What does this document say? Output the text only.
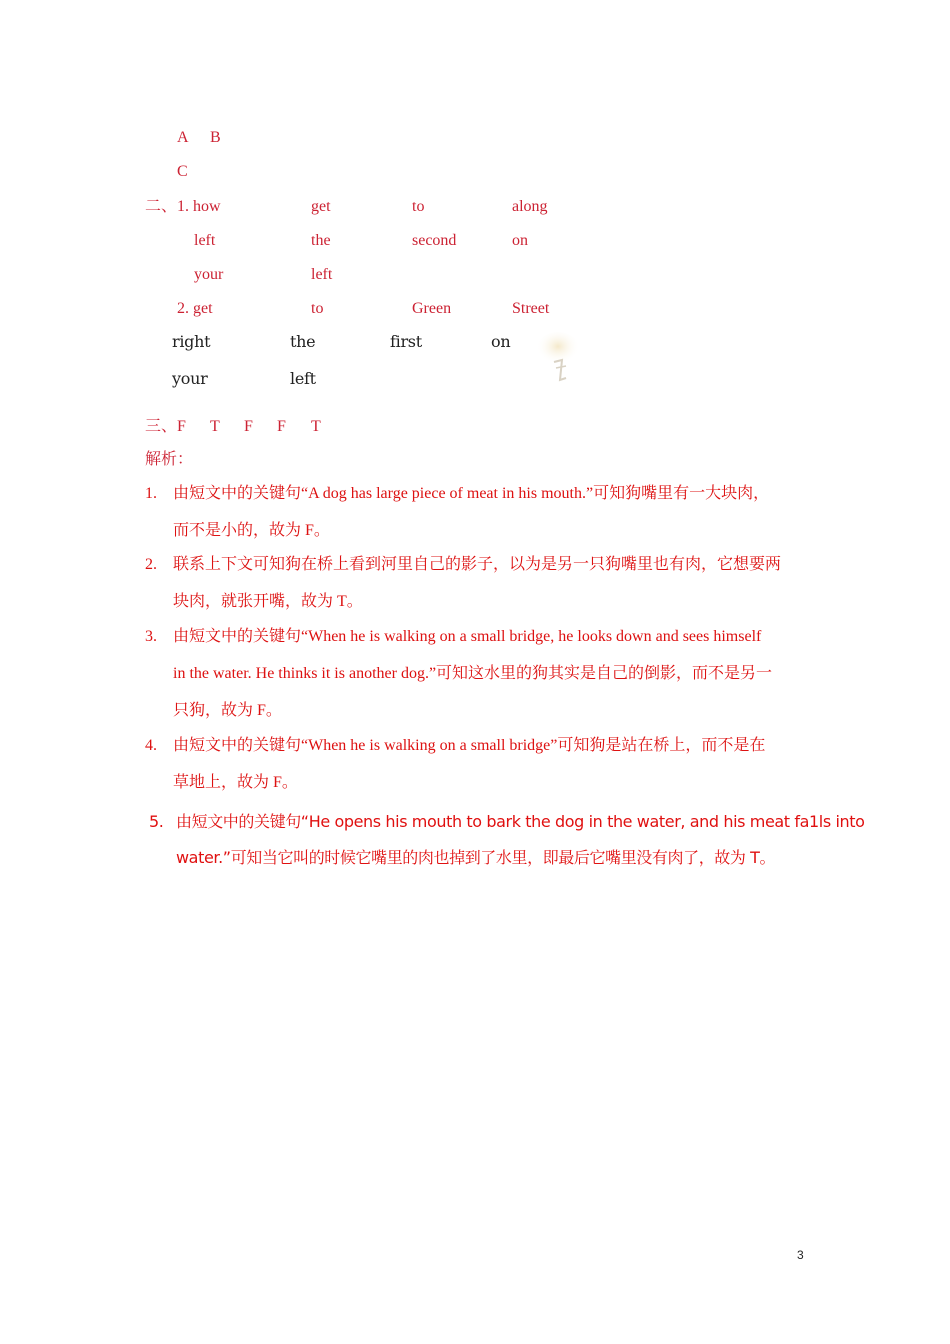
A B
C
二、1. how	get	to	along
left	the	second	on
your	left
2. get	to	Green	Street
right	the	first	on
your	left
三、F T F F T
解析：
1. 由短文中的关键句“A dog has large piece of meat in his mouth.”可知狗嘴里有一大块肉，
而不是小的，故为 F。
2. 联系上下文可知狗在桥上看到河里自己的影子，以为是另一只狗嘴里也有肉，它想要两
块肉，就张开嘴，故为 T。
3. 由短文中的关键句“When he is walking on a small bridge, he looks down and sees himself
in the water. He thinks it is another dog.”可知这水里的狗其实是自己的倒影，而不是另一
只狗，故为 F。
4. 由短文中的关键句“When he is walking on a small bridge”可知狗是站在桥上，而不是在
草地上，故为 F。
5. 由短文中的关键句“He opens his mouth to bark the dog in the water, and his meat fa1ls into
water.”可知当它叫的时候它嘴里的肉也掉到了水里，即最后它嘴里没有肉了，故为 T。
3
